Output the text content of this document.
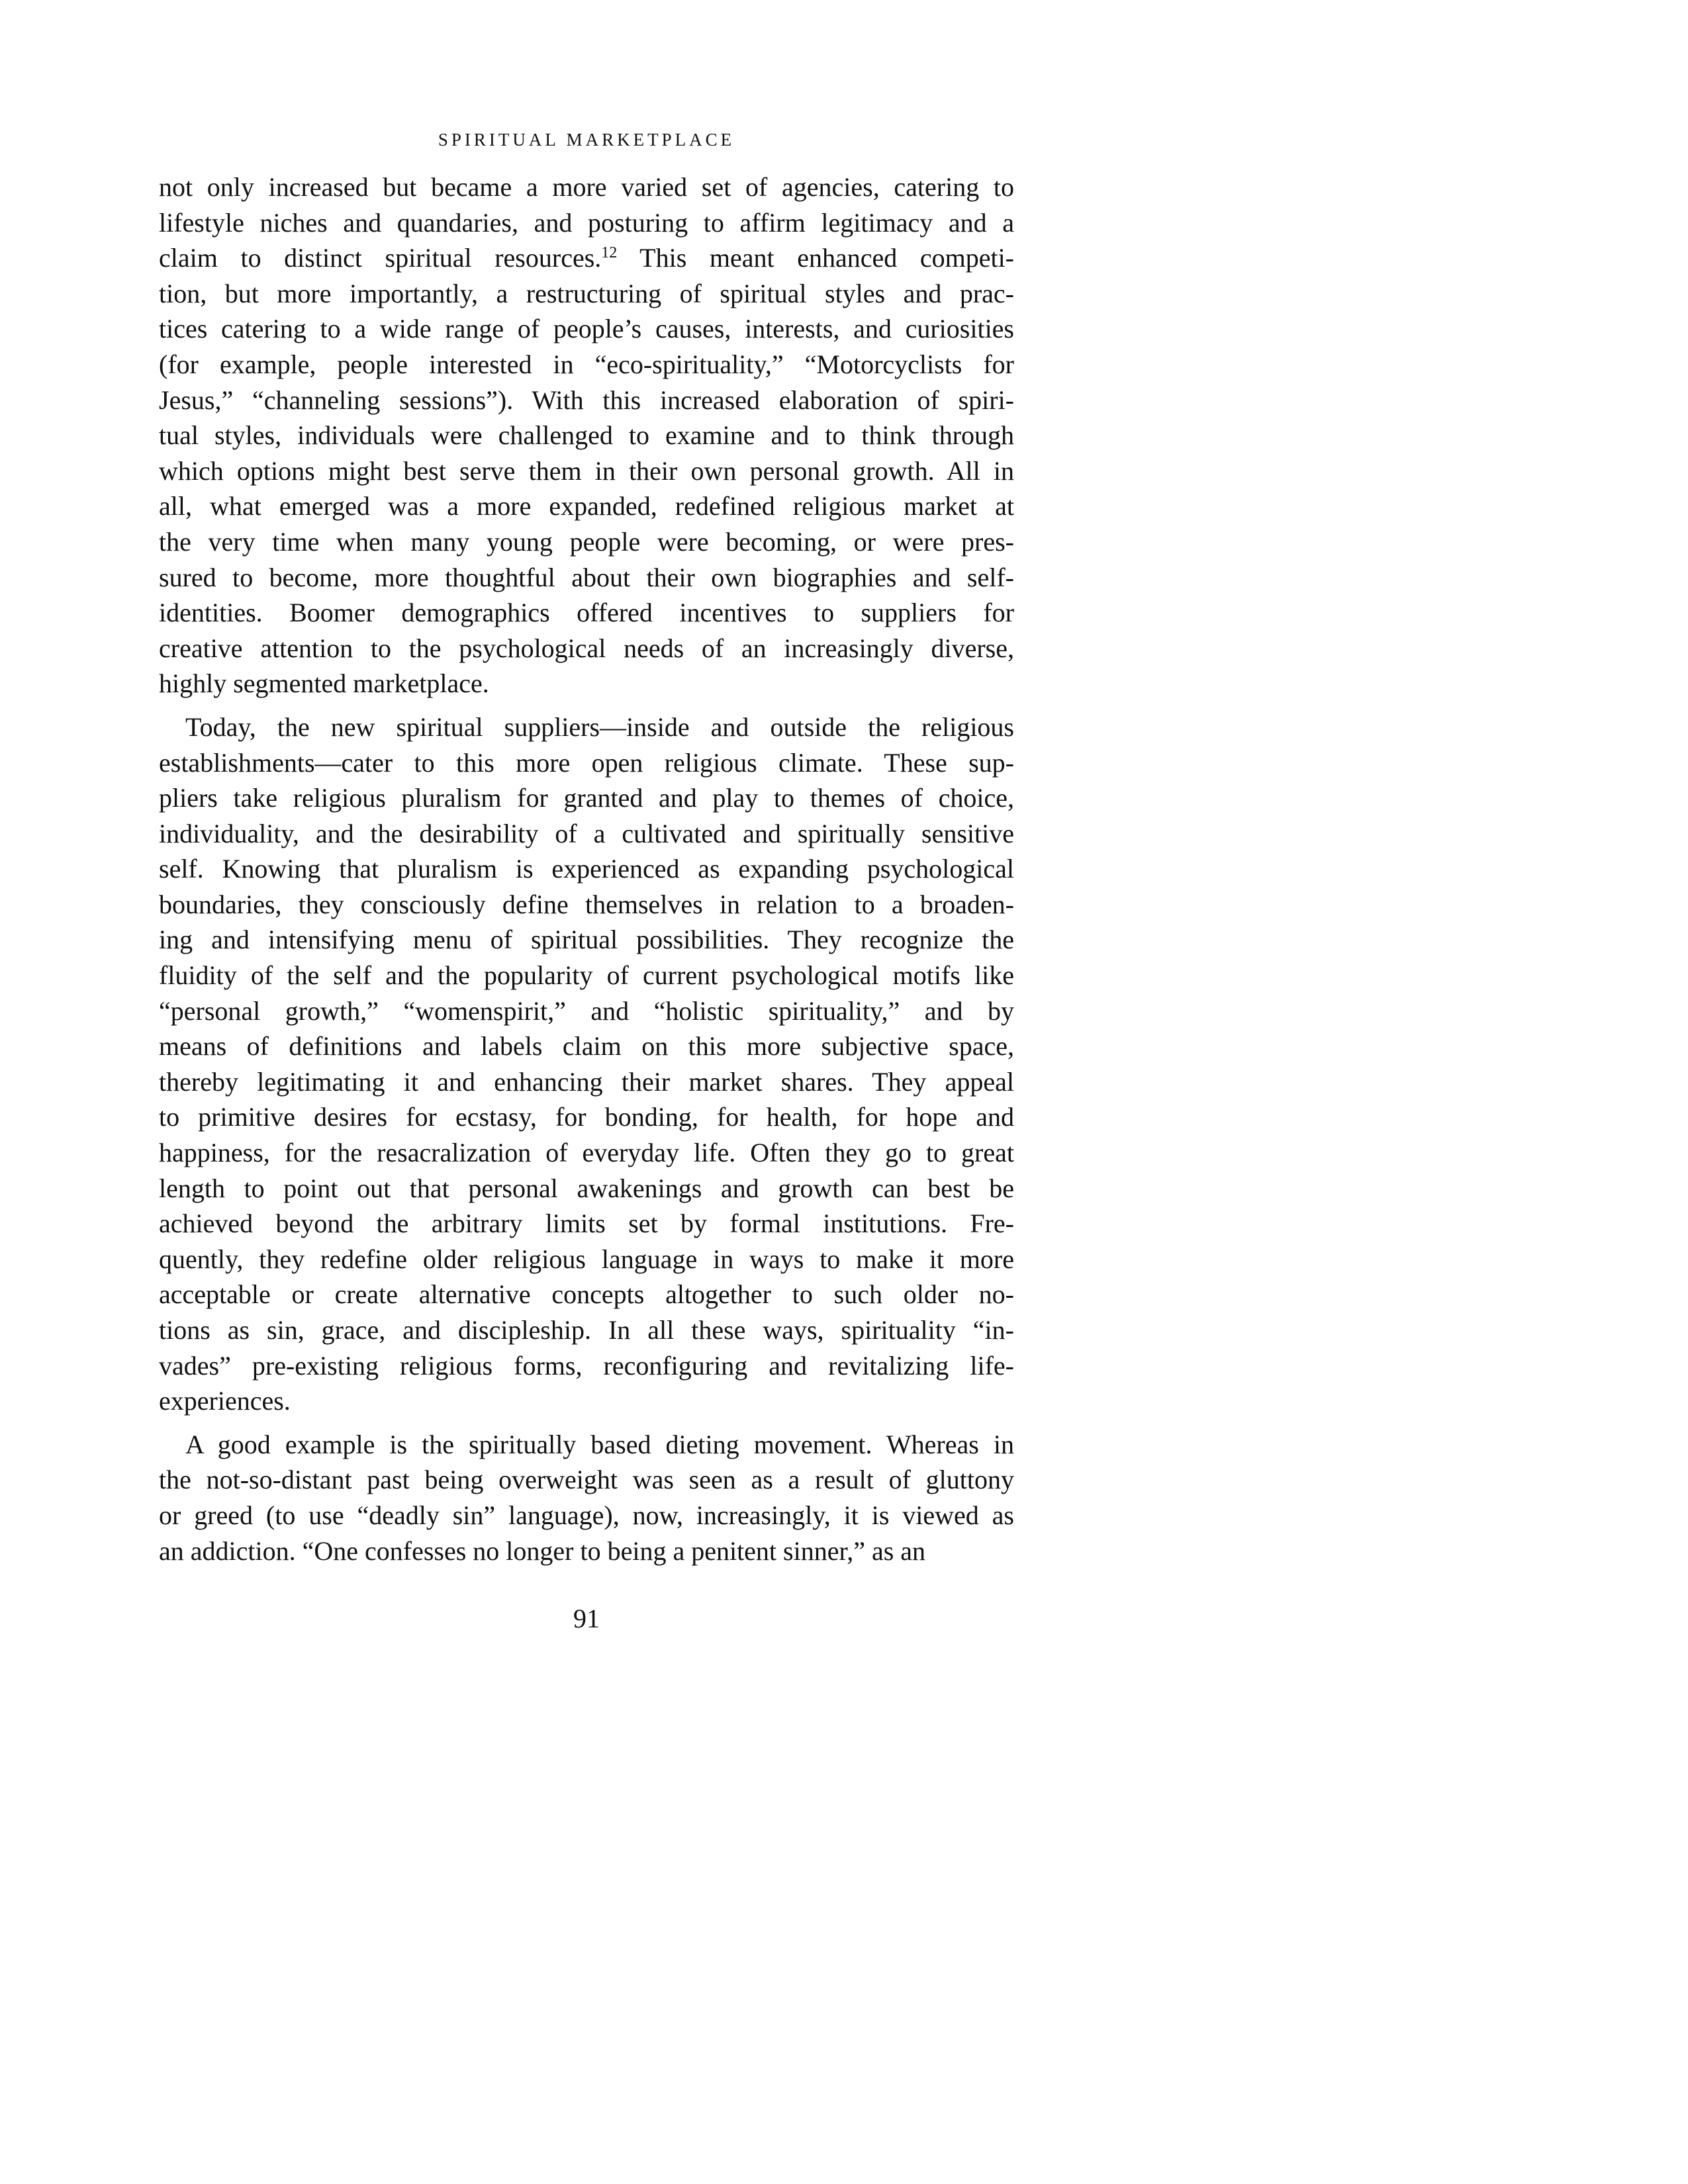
SPIRITUAL MARKETPLACE

not only increased but became a more varied set of agencies, catering to
lifestyle niches and quandaries, and posturing to affirm legitimacy and a
claim to distinct spiritual resources.$^{12}$ This meant enhanced competi-
tion, but more importantly, a restructuring of spiritual styles and prac-
tices catering to a wide range of people’s causes, interests, and curiosities
(for example, people interested in “eco-spirituality,” “Motorcyclists for
Jesus,” “channeling sessions”). With this increased elaboration of spiri-
tual styles, individuals were challenged to examine and to think through
which options might best serve them in their own personal growth. All in
all, what emerged was a more expanded, redefined religious market at
the very time when many young people were becoming, or were pres-
sured to become, more thoughtful about their own biographies and self-
identities. Boomer demographics offered incentives to suppliers for
creative attention to the psychological needs of an increasingly diverse,
highly segmented marketplace.

Today, the new spiritual suppliers—inside and outside the religious
establishments—cater to this more open religious climate. These sup-
pliers take religious pluralism for granted and play to themes of choice,
individuality, and the desirability of a cultivated and spiritually sensitive
self. Knowing that pluralism is experienced as expanding psychological
boundaries, they consciously define themselves in relation to a broaden-
ing and intensifying menu of spiritual possibilities. They recognize the
fluidity of the self and the popularity of current psychological motifs like
“personal growth,” “womenspirit,” and “holistic spirituality,” and by
means of definitions and labels claim on this more subjective space,
thereby legitimating it and enhancing their market shares. They appeal
to primitive desires for ecstasy, for bonding, for health, for hope and
happiness, for the resacralization of everyday life. Often they go to great
length to point out that personal awakenings and growth can best be
achieved beyond the arbitrary limits set by formal institutions. Fre-
quently, they redefine older religious language in ways to make it more
acceptable or create alternative concepts altogether to such older no-
tions as sin, grace, and discipleship. In all these ways, spirituality “in-
vades” pre-existing religious forms, reconfiguring and revitalizing life-
experiences.

A good example is the spiritually based dieting movement. Whereas in
the not-so-distant past being overweight was seen as a result of gluttony
or greed (to use “deadly sin” language), now, increasingly, it is viewed as
an addiction. “One confesses no longer to being a penitent sinner,” as an

91
